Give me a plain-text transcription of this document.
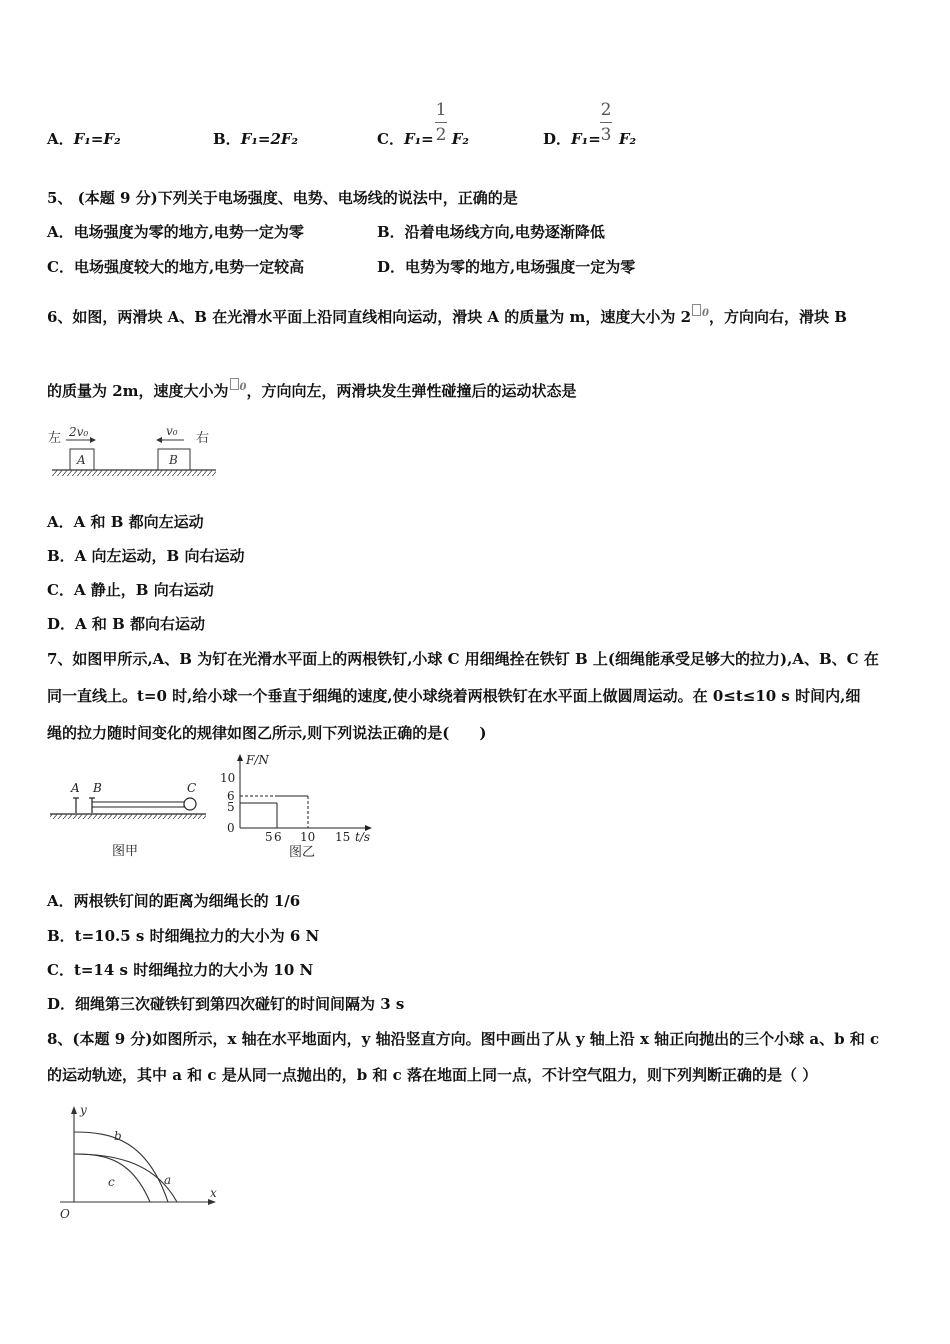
A．F₁=F₂	B．F₁=2F₂	C．F₁= F₂
1
2	D．F₁= F₂
2
3
5、 (本题 9 分)下列关于电场强度、电势、电场线的说法中，正确的是
A．电场强度为零的地方,电势一定为零	B．沿着电场线方向,电势逐渐降低
C．电场强度较大的地方,电势一定较高	D．电势为零的地方,电场强度一定为零
6、如图，两滑块 A、B 在光滑水平面上沿同直线相向运动，滑块 A 的质量为 m，速度大小为 2 $^0$，方向向右，滑块 B
的质量为 2m，速度大小为 $^0$，方向向左，两滑块发生弹性碰撞后的运动状态是
左	右
2v₀	v₀
A	B
A．A 和 B 都向左运动
B．A 向左运动，B 向右运动
C．A 静止，B 向右运动
D．A 和 B 都向右运动
7、如图甲所示,A、B 为钉在光滑水平面上的两根铁钉,小球 C 用细绳拴在铁钉 B 上(细绳能承受足够大的拉力),A、B、C 在
同一直线上。t=0 时,给小球一个垂直于细绳的速度,使小球绕着两根铁钉在水平面上做圆周运动。在 0≤t≤10 s 时间内,细
绳的拉力随时间变化的规律如图乙所示,则下列说法正确的是(　　)
A B	C
图甲
F/N
10
6
5
0
5 6 10 15 t/s
图乙
A．两根铁钉间的距离为细绳长的 1/6
B．t=10.5 s 时细绳拉力的大小为 6 N
C．t=14 s 时细绳拉力的大小为 10 N
D．细绳第三次碰铁钉到第四次碰钉的时间间隔为 3 s
8、(本题 9 分)如图所示，x 轴在水平地面内，y 轴沿竖直方向。图中画出了从 y 轴上沿 x 轴正向抛出的三个小球 a、b 和 c
的运动轨迹，其中 a 和 c 是从同一点抛出的，b 和 c 落在地面上同一点，不计空气阻力，则下列判断正确的是（ ）
y
x
O
b
c	a
